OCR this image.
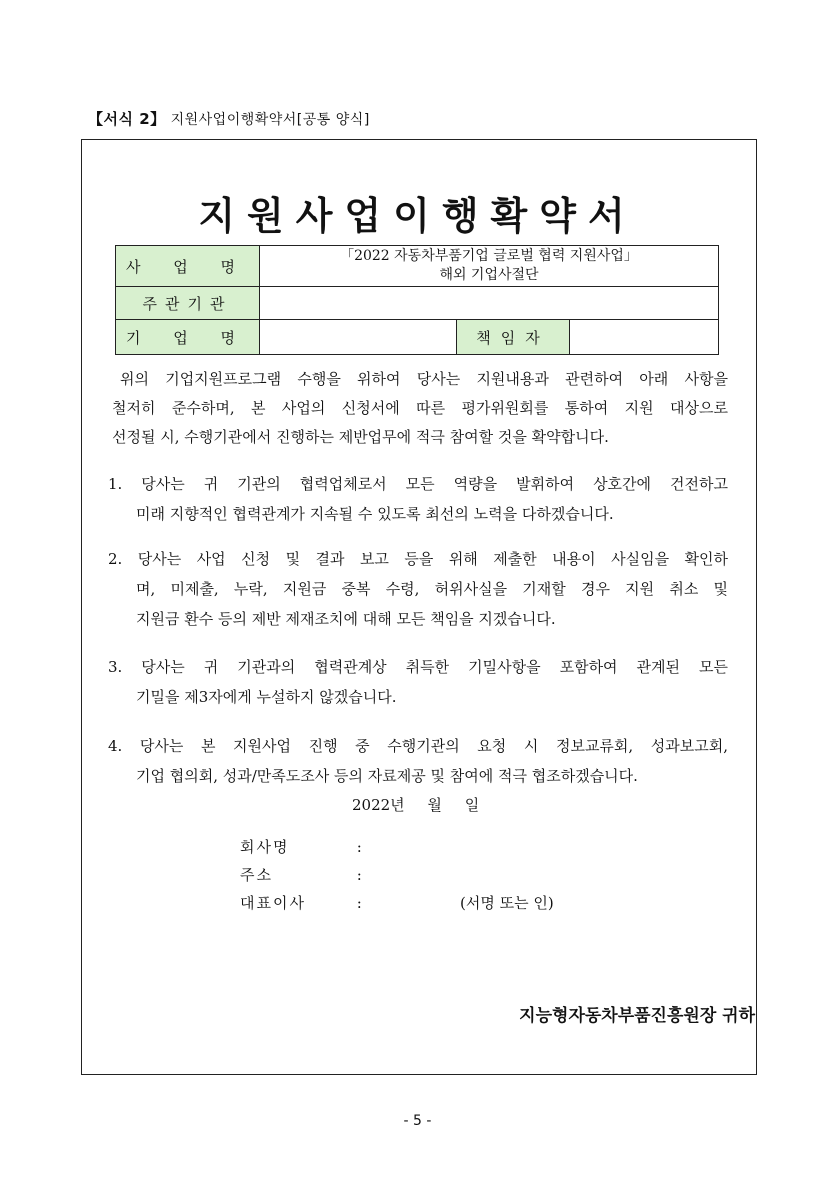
【서식 2】 지원사업이행확약서[공통 양식]
지원사업이행확약서
사 업 명	「2022 자동차부품기업 글로벌 협력 지원사업」
해외 기업사절단		

주관기관			
기 업 명		책임자	
위의 기업지원프로그램 수행을 위하여 당사는 지원내용과 관련하여 아래 사항을
철저히 준수하며, 본 사업의 신청서에 따른 평가위원회를 통하여 지원 대상으로
선정될 시, 수행기관에서 진행하는 제반업무에 적극 참여할 것을 확약합니다.
1. 당사는 귀 기관의 협력업체로서 모든 역량을 발휘하여 상호간에 건전하고
미래 지향적인 협력관계가 지속될 수 있도록 최선의 노력을 다하겠습니다.
2. 당사는 사업 신청 및 결과 보고 등을 위해 제출한 내용이 사실임을 확인하
며, 미제출, 누락, 지원금 중복 수령, 허위사실을 기재할 경우 지원 취소 및
지원금 환수 등의 제반 제재조치에 대해 모든 책임을 지겠습니다.
3. 당사는 귀 기관과의 협력관계상 취득한 기밀사항을 포함하여 관계된 모든
기밀을 제3자에게 누설하지 않겠습니다.
4. 당사는 본 지원사업 진행 중 수행기관의 요청 시 정보교류회, 성과보고회,
기업 협의회, 성과/만족도조사 등의 자료제공 및 참여에 적극 협조하겠습니다.
2022년 월 일
회사명	:
주소	:
대표이사	:	(서명 또는 인)
지능형자동차부품진흥원장 귀하
- 5 -
